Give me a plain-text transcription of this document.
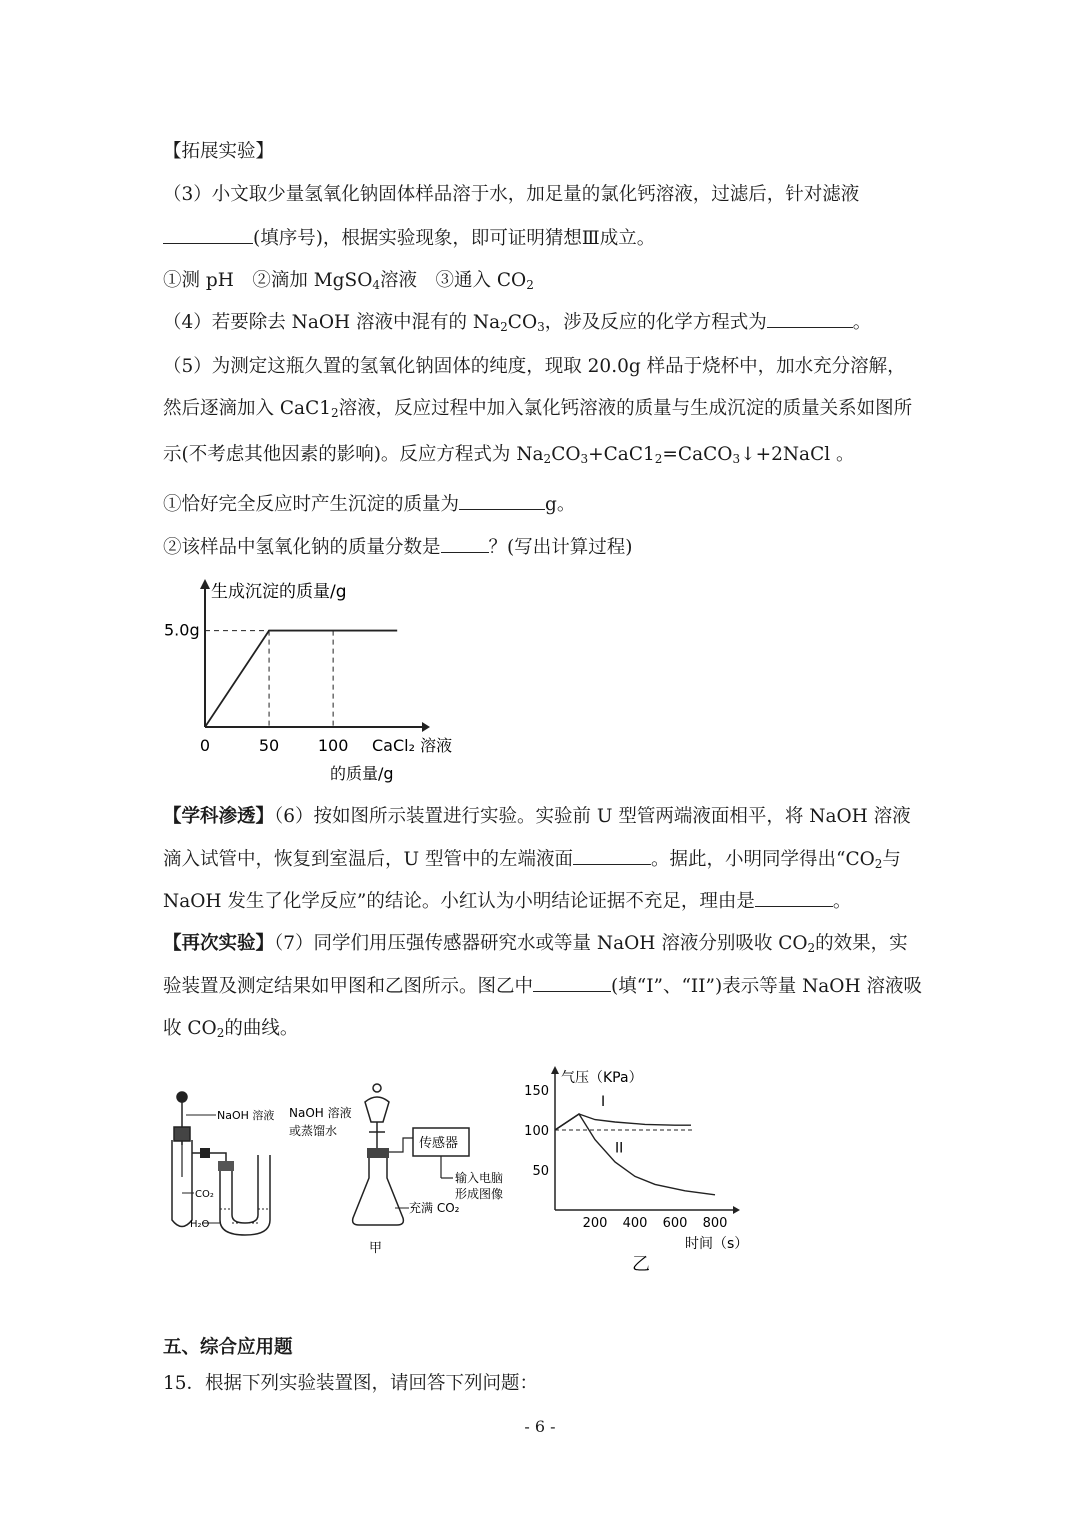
【拓展实验】
（3）小文取少量氢氧化钠固体样品溶于水，加足量的氯化钙溶液，过滤后，针对滤液
(填序号)，根据实验现象，即可证明猜想Ⅲ成立。
①测 pH　②滴加 MgSO$_4$溶液　③通入 $CO_2$
（4）若要除去 NaOH 溶液中混有的 $Na_2CO_3$，涉及反应的化学方程式为	。
（5）为测定这瓶久置的氢氧化钠固体的纯度，现取 20.0g 样品于烧杯中，加水充分溶解，
然后逐滴加入 $CaC1_2$溶液，反应过程中加入氯化钙溶液的质量与生成沉淀的质量关系如图所
示(不考虑其他因素的影响)。反应方程式为 $Na_2CO_3+CaC1_2=CaCO_3↓+2NaCl$ 。
①恰好完全反应时产生沉淀的质量为	g。
②该样品中氢氧化钠的质量分数是	？(写出计算过程)
生成沉淀的质量/g
5.0g
0	50 100 CaCl₂ 溶液
的质量/g
【学科渗透】（6）按如图所示装置进行实验。实验前 U 型管两端液面相平，将 NaOH 溶液
滴入试管中，恢复到室温后，U 型管中的左端液面	。据此，小明同学得出“$CO_2$与
NaOH 发生了化学反应”的结论。小红认为小明结论证据不充足，理由是	。
【再次实验】（7）同学们用压强传感器研究水或等量 NaOH 溶液分别吸收 $CO_2$的效果，实
验装置及测定结果如甲图和乙图所示。图乙中	(填“I”、“II”)表示等量 NaOH 溶液吸
收 $CO_2$的曲线。
NaOH 溶液
CO₂
H₂O
NaOH 溶液
或蒸馏水
传感器
输入电脑
形成图像
充满 CO₂
甲
气压（KPa）
150
100
50
200 400 600 800
时间（s）
乙
I
II
五、综合应用题
15．根据下列实验装置图，请回答下列问题：
- 6 -
